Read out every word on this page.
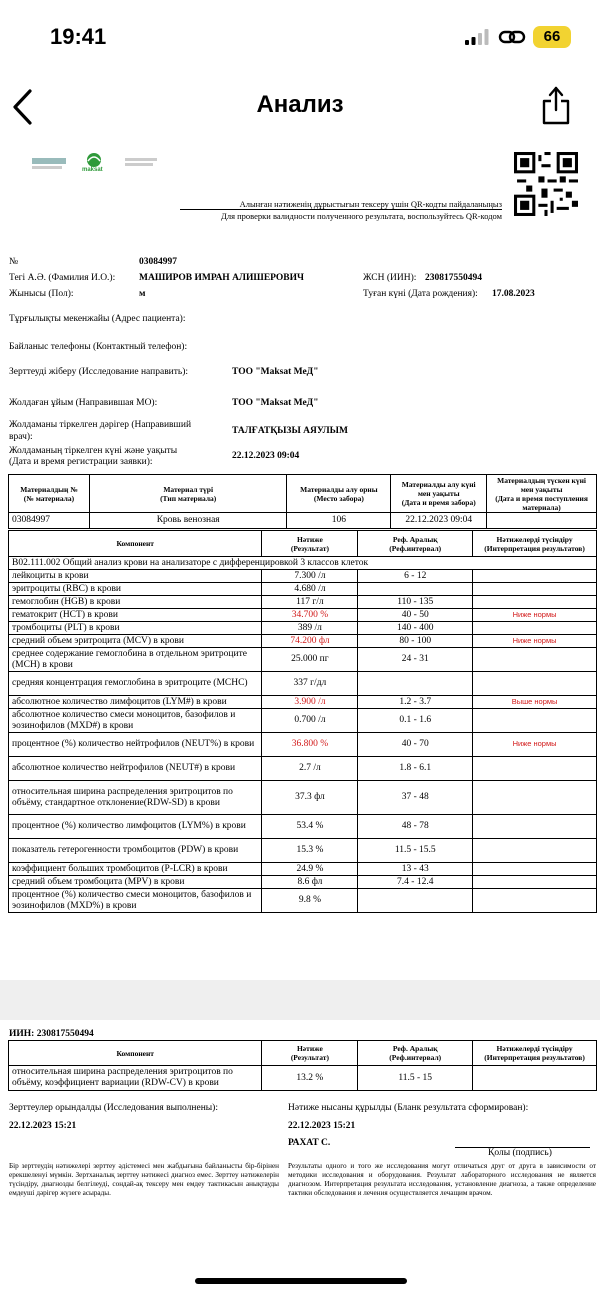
19:41	66
Анализ
maksat
Алынған нәтиженің дұрыстығын тексеру үшін QR-кодты пайдаланыңыз
Для проверки валидности полученного результата, воспользуйтесь QR-кодом
№	03084997
Тегі А.Ә. (Фамилия И.О.):	МАШИРОВ ИМРАН АЛИШЕРОВИЧ	ЖСН (ИИН): 230817550494
Жынысы (Пол):	м	Туған күні (Дата рождения): 17.08.2023
Тұрғылықты мекенжайы (Адрес пациента):
Байланыс телефоны (Контактный телефон):
Зерттеуді жіберу (Исследование направить):	ТОО "Maksat МеД"
Жолдаған ұйым (Направившая МО):	ТОО "Maksat МеД"
Жолдаманы тіркелген дәрігер (Направивший
врач):
ТАЛҒАТҚЫЗЫ АЯУЛЫМ
Жолдаманың тіркелген күні және уақыты
(Дата и время регистрации заявки):
22.12.2023 09:04
Материалдың №
(№ материала)	Материал түрі
(Тип материала)	Материалды алу орны
(Место забора)	Материалды алу күні
мен уақыты
(Дата и время забора)	Материалдың түскен күні
мен уақыты
(Дата и время поступления
материала)
03084997	Кровь венозная	106	22.12.2023 09:04	
Компонент	Нәтиже
(Результат)	Реф. Аралық
(Реф.интервал)	Нәтижелерді түсіндіру
(Интерпретация результатов)
B02.111.002 Общий анализ крови на анализаторе с дифференцировкой 3 классов клеток			
лейкоциты в крови	7.300 /л	6 - 12	
эритроциты (RBC) в крови	4.680 /л		
гемоглобин (HGB) в крови	117 г/л	110 - 135	
гематокрит (HCT) в крови	34.700 %	40 - 50	Ниже нормы
тромбоциты (PLT) в крови	389 /л	140 - 400	
средний объем эритроцита (MCV) в крови	74.200 фл	80 - 100	Ниже нормы
среднее содержание гемоглобина в отдельном эритроците (MCH) в крови	25.000 пг	24 - 31	
средняя концентрация гемоглобина в эритроците (MCHC)	337 г/дл		
абсолютное количество лимфоцитов (LYM#) в крови	3.900 /л	1.2 - 3.7	Выше нормы
абсолютное количество смеси моноцитов, базофилов и эозинофилов (MXD#) в крови	0.700 /л	0.1 - 1.6	
процентное (%) количество нейтрофилов (NEUT%) в крови	36.800 %	40 - 70	Ниже нормы
абсолютное количество нейтрофилов (NEUT#) в крови	2.7 /л	1.8 - 6.1	
относительная ширина распределения эритроцитов по объёму, стандартное отклонение(RDW-SD) в крови	37.3 фл	37 - 48	
процентное (%) количество лимфоцитов (LYM%) в крови	53.4 %	48 - 78	
показатель гетерогенности тромбоцитов (PDW) в крови	15.3 %	11.5 - 15.5	
коэффициент больших тромбоцитов (P-LCR) в крови	24.9 %	13 - 43	
средний объем тромбоцита (MPV) в крови	8.6 фл	7.4 - 12.4	
процентное (%) количество смеси моноцитов, базофилов и эозинофилов (MXD%) в крови	9.8 %		
ИИН: 230817550494
Компонент	Нәтиже
(Результат)	Реф. Аралық
(Реф.интервал)	Нәтижелерді түсіндіру
(Интерпретация результатов)
относительная ширина распределения эритроцитов по объёму, коэффициент вариации (RDW-CV) в крови	13.2 %	11.5 - 15	
Зерттеулер орындалды (Исследования выполнены):
22.12.2023 15:21
Нәтиже нысаны құрылды (Бланк результата сформирован):
22.12.2023 15:21
РАХАТ С.
Қолы (подпись)
Бір зерттеудің нәтижелері зерттеу әдістемесі мен жабдығына байланысты бір-бірінен ерекшеленуі мүмкін. Зертханалық зерттеу нәтижесі диагноз емес. Зерттеу нәтижелерін түсіндіру, диагнозды белгілеуді, сондай-ақ тексеру мен емдеу тактикасын анықтауды емдеуші дәрігер жүзеге асырады.
Результаты одного и того же исследования могут отличаться друг от друга в зависимости от методики исследования и оборудования. Результат лабораторного исследования не является диагнозом. Интерпретация результата исследования, установление диагноза, а также определение тактики обследования и лечения осуществляется лечащим врачом.
